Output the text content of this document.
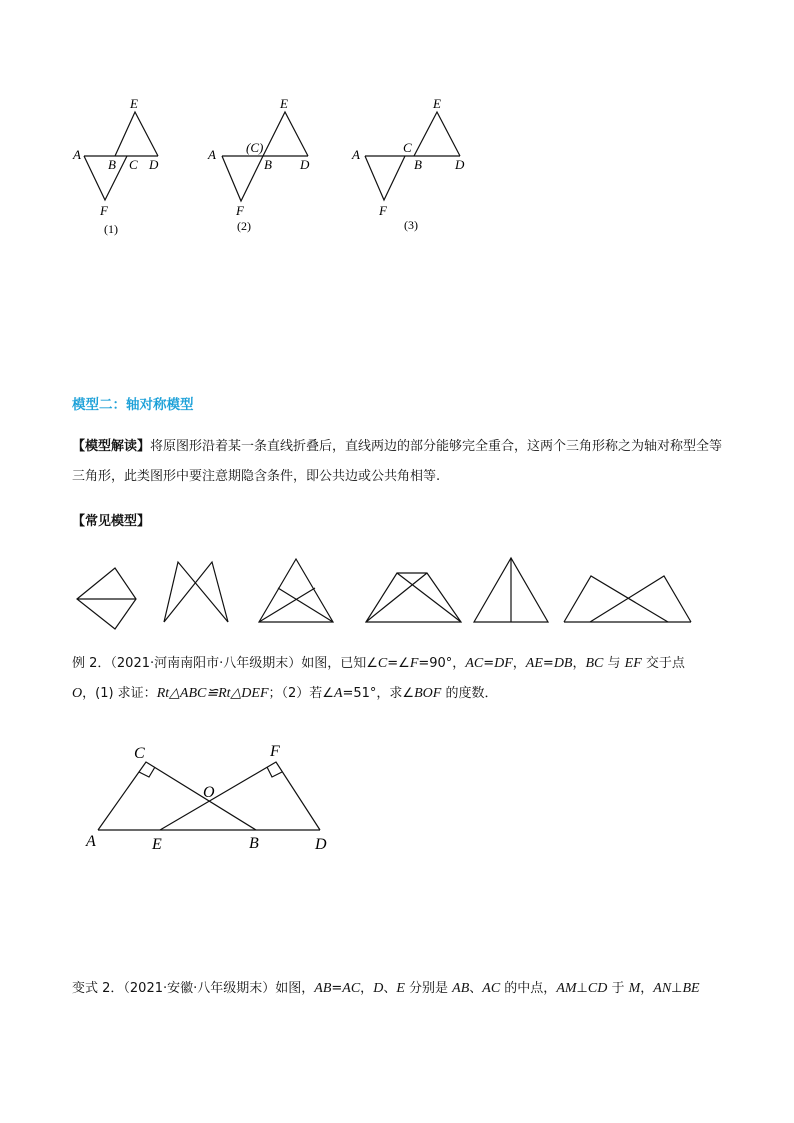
E
A
B C D
F
(1)
E
A (C)
B D
F
(2)
E
A	C
B	D
F
(3)
模型二：轴对称模型
【模型解读】将原图形沿着某一条直线折叠后，直线两边的部分能够完全重合，这两个三角形称之为轴对称型全等三角形，此类图形中要注意期隐含条件，即公共边或公共角相等.
【常见模型】
例 2．（2021·河南南阳市·八年级期末）如图，已知∠C=∠F=90°，AC=DF，AE=DB，BC 与 EF 交于点
O，(1) 求证：Rt△ABC≌Rt△DEF；（2）若∠A=51°，求∠BOF 的度数．
C	F
O
A	E	B	D
变式 2．（2021·安徽·八年级期末）如图，AB=AC，D、E 分别是 AB、AC 的中点，AM⊥CD 于 M，AN⊥BE
